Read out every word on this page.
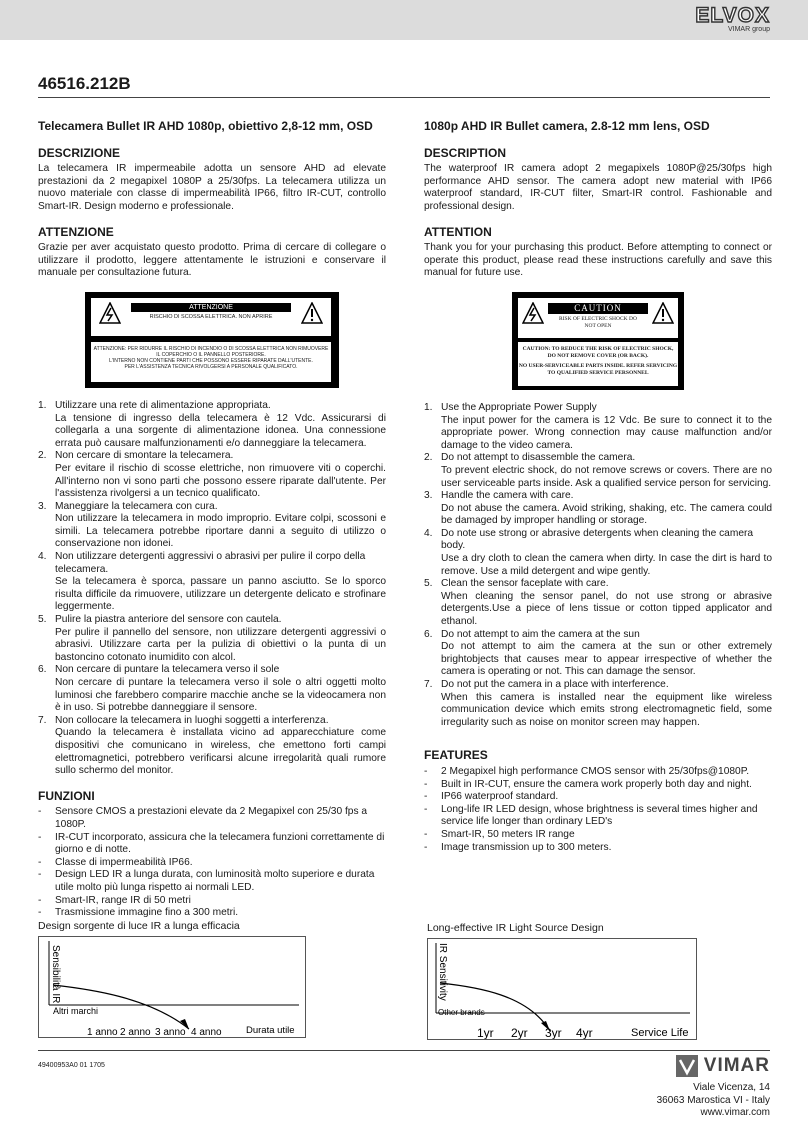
ELVOX
VIMAR group
46516.212B
Telecamera Bullet IR AHD 1080p, obiettivo 2,8-12 mm, OSD
DESCRIZIONE

La telecamera IR impermeabile adotta un sensore AHD ad elevate prestazioni da 2 megapixel 1080P a 25/30fps. La telecamera utilizza un nuovo materiale con classe di impermeabilità IP66, filtro IR-CUT, controllo Smart-IR. Design moderno e professionale.

ATTENZIONE

Grazie per aver acquistato questo prodotto. Prima di cercare di collegare o utilizzare il prodotto, leggere attentamente le istruzioni e conservare il manuale per consultazione futura.

ATTENZIONE
RISCHIO DI SCOSSA ELETTRICA. NON APRIRE
ATTENZIONE: PER RIDURRE IL RISCHIO DI INCENDIO O DI SCOSSA ELETTRICA NON RIMUOVERE IL COPERCHIO O IL PANNELLO POSTERIORE.
L'INTERNO NON CONTIENE PARTI CHE POSSONO ESSERE RIPARATE DALL'UTENTE.
PER L'ASSISTENZA TECNICA RIVOLGERSI A PERSONALE QUALIFICATO.
1. Utilizzare una rete di alimentazione appropriata.
La tensione di ingresso della telecamera è 12 Vdc. Assicurarsi di collegarla a una sorgente di alimentazione idonea. Una connessione errata può causare malfunzionamenti e/o danneggiare la telecamera.
2. Non cercare di smontare la telecamera.
Per evitare il rischio di scosse elettriche, non rimuovere viti o coperchi. All'interno non vi sono parti che possono essere riparate dall'utente. Per l'assistenza rivolgersi a un tecnico qualificato.
3. Maneggiare la telecamera con cura.
Non utilizzare la telecamera in modo improprio. Evitare colpi, scossoni e simili. La telecamera potrebbe riportare danni a seguito di utilizzo o conservazione non idonei.
4. Non utilizzare detergenti aggressivi o abrasivi per pulire il corpo della telecamera.
Se la telecamera è sporca, passare un panno asciutto. Se lo sporco risulta difficile da rimuovere, utilizzare un detergente delicato e strofinare leggermente.
5. Pulire la piastra anteriore del sensore con cautela.
Per pulire il pannello del sensore, non utilizzare detergenti aggressivi o abrasivi. Utilizzare carta per la pulizia di obiettivi o la punta di un bastoncino cotonato inumidito con alcol.
6. Non cercare di puntare la telecamera verso il sole
Non cercare di puntare la telecamera verso il sole o altri oggetti molto luminosi che farebbero comparire macchie anche se la videocamera non è in uso. Si potrebbe danneggiare il sensore.
7. Non collocare la telecamera in luoghi soggetti a interferenza.
Quando la telecamera è installata vicino ad apparecchiature come dispositivi che comunicano in wireless, che emettono forti campi elettromagnetici, potrebbero verificarsi alcune irregolarità quali rumore sullo schermo del monitor.
FUNZIONI
- Sensore CMOS a prestazioni elevate da 2 Megapixel con 25/30 fps a 1080P.
- IR-CUT incorporato, assicura che la telecamera funzioni correttamente di giorno e di notte.
- Classe di impermeabilità IP66.
- Design LED IR a lunga durata, con luminosità molto superiore e durata utile molto più lunga rispetto ai normali LED.
- Smart-IR, range IR di 50 metri
- Trasmissione immagine fino a 300 metri.
1080p AHD IR Bullet camera, 2.8-12 mm lens, OSD
DESCRIPTION

The waterproof IR camera adopt 2 megapixels 1080P@25/30fps high performance AHD sensor. The camera adopt new material with IP66 waterproof standard, IR-CUT filter, Smart-IR control. Fashionable and professional design.

ATTENTION

Thank you for your purchasing this product. Before attempting to connect or operate this product, please read these instructions carefully and save this manual for future use.

CAUTION
RISK OF ELECTRIC SHOCK DO NOT OPEN
CAUTION: TO REDUCE THE RISK OF ELECTRIC SHOCK, DO NOT REMOVE COVER (OR BACK).
NO USER-SERVICEABLE PARTS INSIDE. REFER SERVICING TO QUALIFIED SERVICE PERSONNEL
1. Use the Appropriate Power Supply
The input power for the camera is 12 Vdc. Be sure to connect it to the appropriate power. Wrong connection may cause malfunction and/or damage to the video camera.
2. Do not attempt to disassemble the camera.
To prevent electric shock, do not remove screws or covers. There are no user serviceable parts inside. Ask a qualified service person for servicing.
3. Handle the camera with care.
Do not abuse the camera. Avoid striking, shaking, etc. The camera could be damaged by improper handling or storage.
4. Do note use strong or abrasive detergents when cleaning the camera body.
Use a dry cloth to clean the camera when dirty. In case the dirt is hard to remove. Use a mild detergent and wipe gently.
5. Clean the sensor faceplate with care.
When cleaning the sensor panel, do not use strong or abrasive detergents.Use a piece of lens tissue or cotton tipped applicator and ethanol.
6. Do not attempt to aim the camera at the sun
Do not attempt to aim the camera at the sun or other extremely brightobjects that causes mear to appear irrespective of whether the camera is operating or not. This can damage the sensor.
7. Do not put the camera in a place with interference.
When this camera is installed near the equipment like wireless communication device which emits strong electromagnetic field, some irregularity such as noise on monitor screen may happen.
FEATURES
- 2 Megapixel high performance CMOS sensor with 25/30fps@1080P.
- Built in IR-CUT, ensure the camera work properly both day and night.
- IP66 waterproof standard.
- Long-life IR LED design, whose brightness is several times higher and service life longer than ordinary LED's
- Smart-IR, 50 meters IR range
- Image transmission up to 300 meters.
Design sorgente di luce IR a lunga efficacia
Sensibilità IR
Altri marchi
1 anno 2 anno 3 anno 4 anno	Durata utile
Long-effective IR Light Source Design
IR Sensitivity
Other brands
1yr 2yr 3yr 4yr	Service Life
49400953A0 01 1705	VIMAR
Viale Vicenza, 14
36063 Marostica VI - Italy
www.vimar.com
